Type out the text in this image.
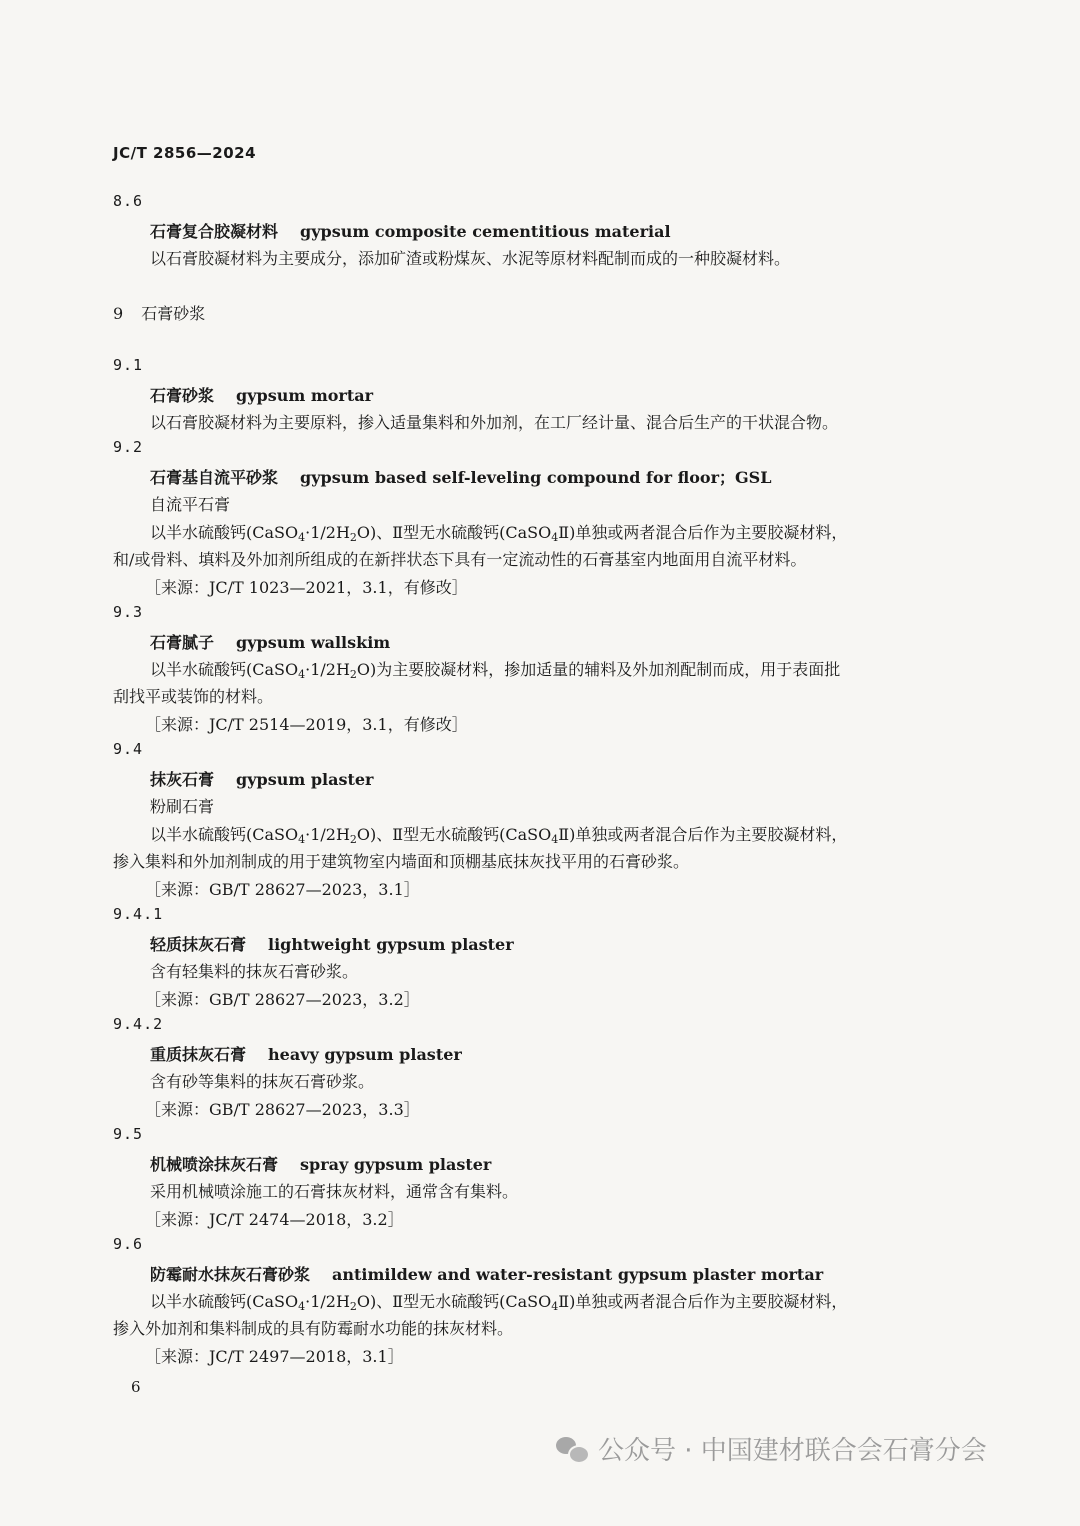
JC/T 2856—2024
8.6
石膏复合胶凝材料 gypsum composite cementitious material
以石膏胶凝材料为主要成分，添加矿渣或粉煤灰、水泥等原材料配制而成的一种胶凝材料。
9 石膏砂浆
9.1
石膏砂浆 gypsum mortar
以石膏胶凝材料为主要原料，掺入适量集料和外加剂，在工厂经计量、混合后生产的干状混合物。
9.2
石膏基自流平砂浆 gypsum based self-leveling compound for floor；GSL
自流平石膏
以半水硫酸钙$(CaSO_4\cdot 1/2H_2O)$、Ⅱ型无水硫酸钙(CaSO$_4$Ⅱ)单独或两者混合后作为主要胶凝材料，
和/或骨料、填料及外加剂所组成的在新拌状态下具有一定流动性的石膏基室内地面用自流平材料。
［来源：JC/T 1023—2021，3.1，有修改］
9.3
石膏腻子 gypsum wallskim
以半水硫酸钙$(CaSO_4\cdot 1/2H_2O)$为主要胶凝材料，掺加适量的辅料及外加剂配制而成，用于表面批
刮找平或装饰的材料。
［来源：JC/T 2514—2019，3.1，有修改］
9.4
抹灰石膏 gypsum plaster
粉刷石膏
以半水硫酸钙$(CaSO_4\cdot 1/2H_2O)$、Ⅱ型无水硫酸钙(CaSO$_4$Ⅱ)单独或两者混合后作为主要胶凝材料，
掺入集料和外加剂制成的用于建筑物室内墙面和顶棚基底抹灰找平用的石膏砂浆。
［来源：GB/T 28627—2023，3.1］
9.4.1
轻质抹灰石膏 lightweight gypsum plaster
含有轻集料的抹灰石膏砂浆。
［来源：GB/T 28627—2023，3.2］
9.4.2
重质抹灰石膏 heavy gypsum plaster
含有砂等集料的抹灰石膏砂浆。
［来源：GB/T 28627—2023，3.3］
9.5
机械喷涂抹灰石膏 spray gypsum plaster
采用机械喷涂施工的石膏抹灰材料，通常含有集料。
［来源：JC/T 2474—2018，3.2］
9.6
防霉耐水抹灰石膏砂浆 antimildew and water-resistant gypsum plaster mortar
以半水硫酸钙$(CaSO_4\cdot 1/2H_2O)$、Ⅱ型无水硫酸钙(CaSO$_4$Ⅱ)单独或两者混合后作为主要胶凝材料，
掺入外加剂和集料制成的具有防霉耐水功能的抹灰材料。
［来源：JC/T 2497—2018，3.1］
6
公众号 · 中国建材联合会石膏分会
